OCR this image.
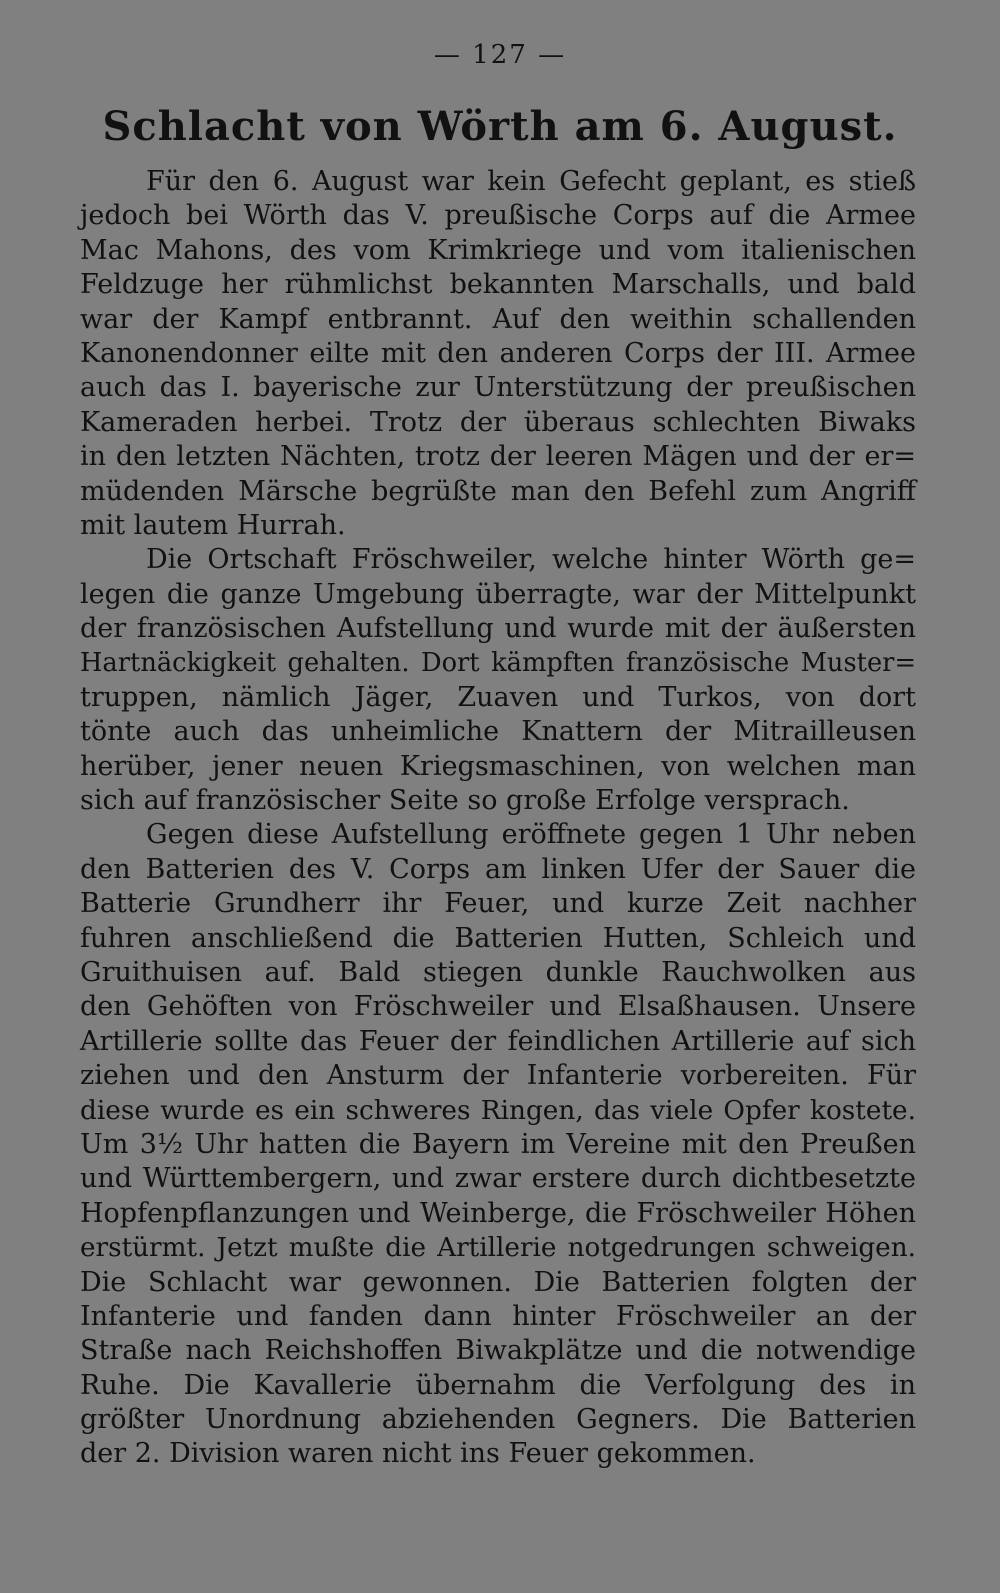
— 127 —
Schlacht von Wörth am 6. August.
Für den 6. August war kein Gefecht geplant, es stieß
jedoch bei Wörth das V. preußische Corps auf die Armee
Mac Mahons, des vom Krimkriege und vom italienischen
Feldzuge her rühmlichst bekannten Marschalls, und bald
war der Kampf entbrannt. Auf den weithin schallenden
Kanonendonner eilte mit den anderen Corps der III. Armee
auch das I. bayerische zur Unterstützung der preußischen
Kameraden herbei. Trotz der überaus schlechten Biwaks
in den letzten Nächten, trotz der leeren Mägen und der er=
müdenden Märsche begrüßte man den Befehl zum Angriff
mit lautem Hurrah.
Die Ortschaft Fröschweiler, welche hinter Wörth ge=
legen die ganze Umgebung überragte, war der Mittelpunkt
der französischen Aufstellung und wurde mit der äußersten
Hartnäckigkeit gehalten. Dort kämpften französische Muster=
truppen, nämlich Jäger, Zuaven und Turkos, von dort
tönte auch das unheimliche Knattern der Mitrailleusen
herüber, jener neuen Kriegsmaschinen, von welchen man
sich auf französischer Seite so große Erfolge versprach.
Gegen diese Aufstellung eröffnete gegen 1 Uhr neben
den Batterien des V. Corps am linken Ufer der Sauer die
Batterie Grundherr ihr Feuer, und kurze Zeit nachher
fuhren anschließend die Batterien Hutten, Schleich und
Gruithuisen auf. Bald stiegen dunkle Rauchwolken aus
den Gehöften von Fröschweiler und Elsaßhausen. Unsere
Artillerie sollte das Feuer der feindlichen Artillerie auf sich
ziehen und den Ansturm der Infanterie vorbereiten. Für
diese wurde es ein schweres Ringen, das viele Opfer kostete.
Um 3½ Uhr hatten die Bayern im Vereine mit den Preußen
und Württembergern, und zwar erstere durch dichtbesetzte
Hopfenpflanzungen und Weinberge, die Fröschweiler Höhen
erstürmt. Jetzt mußte die Artillerie notgedrungen schweigen.
Die Schlacht war gewonnen. Die Batterien folgten der
Infanterie und fanden dann hinter Fröschweiler an der
Straße nach Reichshoffen Biwakplätze und die notwendige
Ruhe. Die Kavallerie übernahm die Verfolgung des in
größter Unordnung abziehenden Gegners. Die Batterien
der 2. Division waren nicht ins Feuer gekommen.
